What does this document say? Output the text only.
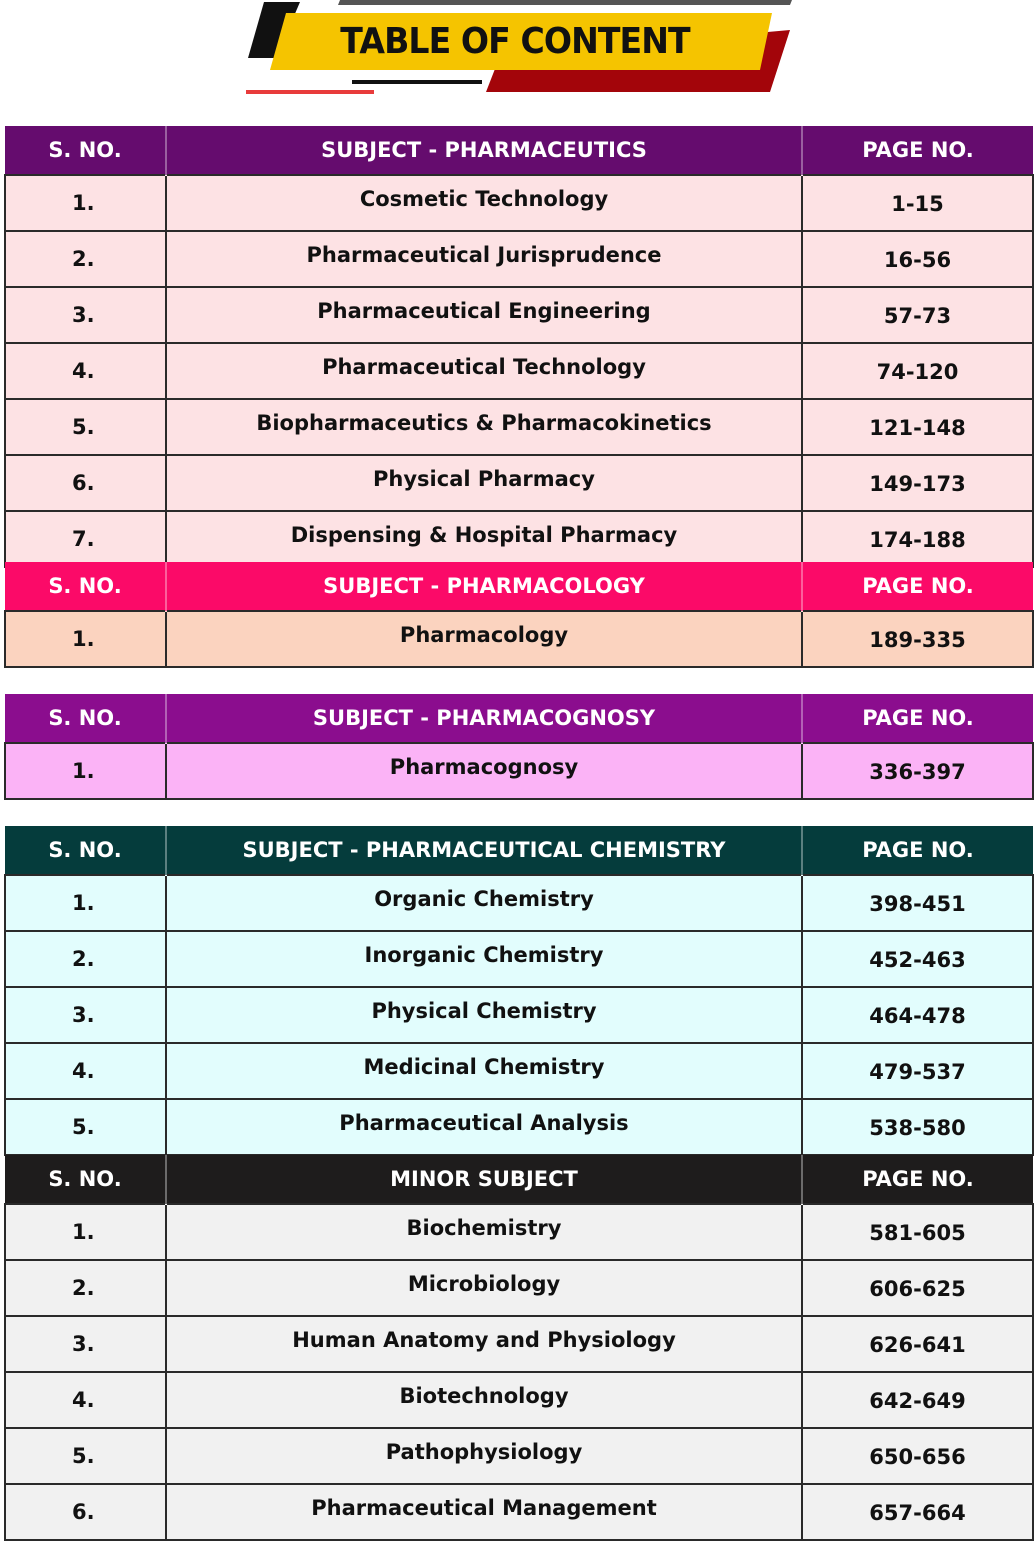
TABLE OF CONTENT
S. NO.	SUBJECT - PHARMACEUTICS	PAGE NO.
1.	Cosmetic Technology	1-15
2.	Pharmaceutical Jurisprudence	16-56
3.	Pharmaceutical Engineering	57-73
4.	Pharmaceutical Technology	74-120
5.	Biopharmaceutics & Pharmacokinetics	121-148
6.	Physical Pharmacy	149-173
7.	Dispensing & Hospital Pharmacy	174-188
S. NO.	SUBJECT - PHARMACOLOGY	PAGE NO.
1.	Pharmacology	189-335
S. NO.	SUBJECT - PHARMACOGNOSY	PAGE NO.
1.	Pharmacognosy	336-397
S. NO.	SUBJECT - PHARMACEUTICAL CHEMISTRY	PAGE NO.
1.	Organic Chemistry	398-451
2.	Inorganic Chemistry	452-463
3.	Physical Chemistry	464-478
4.	Medicinal Chemistry	479-537
5.	Pharmaceutical Analysis	538-580
S. NO.	MINOR SUBJECT	PAGE NO.
1.	Biochemistry	581-605
2.	Microbiology	606-625
3.	Human Anatomy and Physiology	626-641
4.	Biotechnology	642-649
5.	Pathophysiology	650-656
6.	Pharmaceutical Management	657-664
